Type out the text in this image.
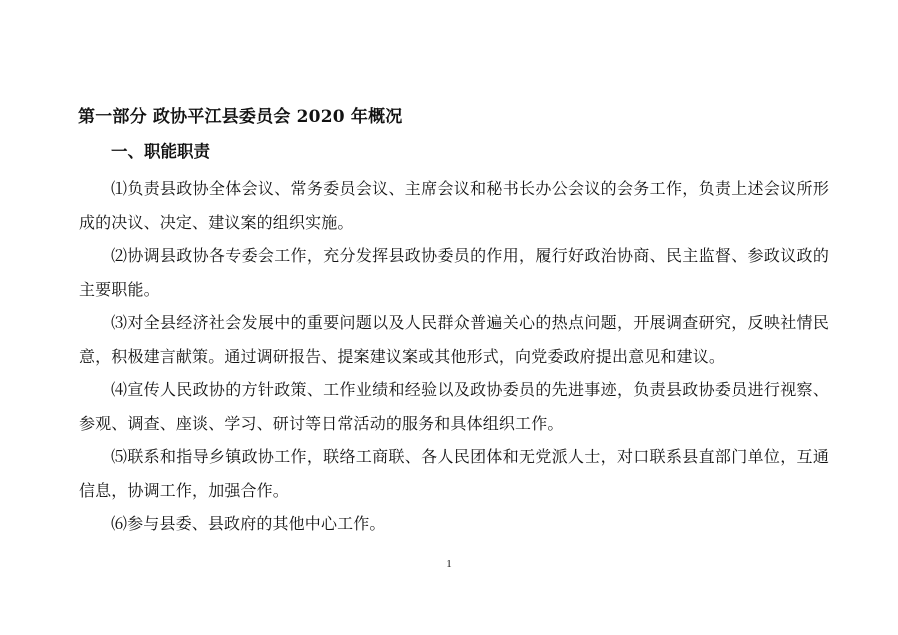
第一部分 政协平江县委员会 2020 年概况
一、职能职责

⑴负责县政协全体会议、常务委员会议、主席会议和秘书长办公会议的会务工作，负责上述会议所形成的决议、决定、建议案的组织实施。

⑵协调县政协各专委会工作，充分发挥县政协委员的作用，履行好政治协商、民主监督、参政议政的主要职能。

⑶对全县经济社会发展中的重要问题以及人民群众普遍关心的热点问题，开展调查研究，反映社情民意，积极建言献策。通过调研报告、提案建议案或其他形式，向党委政府提出意见和建议。

⑷宣传人民政协的方针政策、工作业绩和经验以及政协委员的先进事迹，负责县政协委员进行视察、参观、调查、座谈、学习、研讨等日常活动的服务和具体组织工作。

⑸联系和指导乡镇政协工作，联络工商联、各人民团体和无党派人士，对口联系县直部门单位，互通信息，协调工作，加强合作。

⑹参与县委、县政府的其他中心工作。

1
